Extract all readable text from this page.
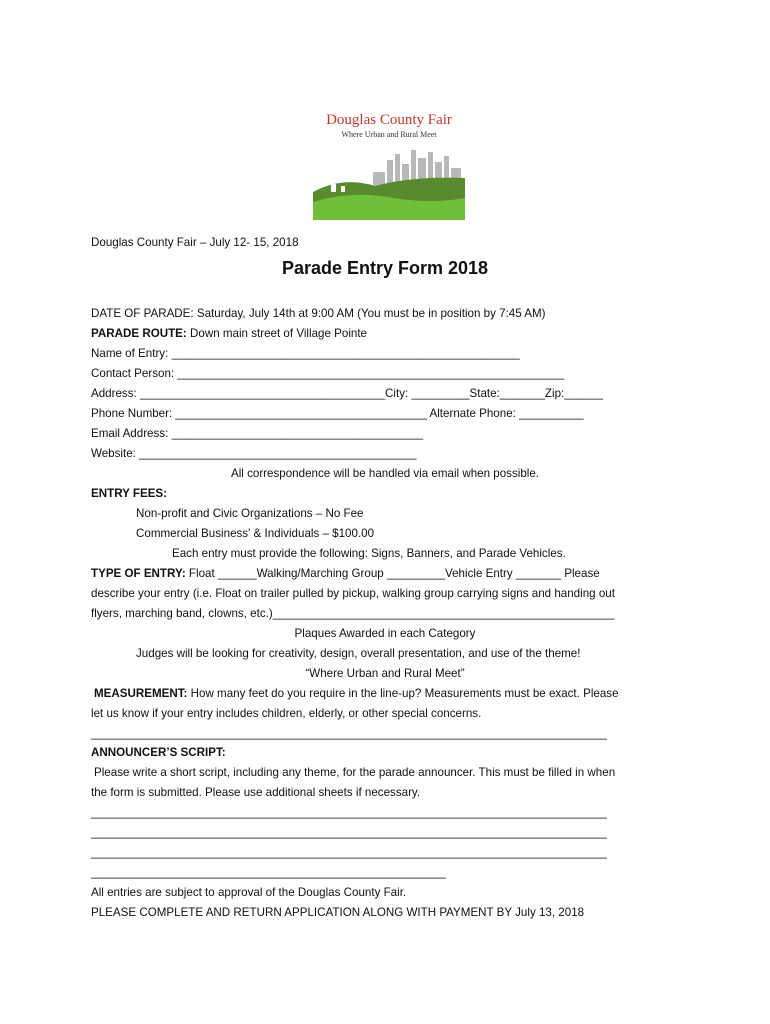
Douglas County Fair
Where Urban and Rural Meet
Douglas County Fair – July 12- 15, 2018
Parade Entry Form 2018
DATE OF PARADE: Saturday, July 14th at 9:00 AM (You must be in position by 7:45 AM)
PARADE ROUTE: Down main street of Village Pointe
Name of Entry: ______________________________________________________
Contact Person: ____________________________________________________________
Address: ______________________________________City: _________State:_______Zip:______
Phone Number: _______________________________________ Alternate Phone: __________
Email Address: _______________________________________
Website: ___________________________________________
All correspondence will be handled via email when possible.
ENTRY FEES:
Non-profit and Civic Organizations – No Fee
Commercial Business' & Individuals – $100.00
Each entry must provide the following: Signs, Banners, and Parade Vehicles.
TYPE OF ENTRY: Float ______Walking/Marching Group _________Vehicle Entry _______ Please
describe your entry (i.e. Float on trailer pulled by pickup, walking group carrying signs and handing out
flyers, marching band, clowns, etc.)_____________________________________________________
Plaques Awarded in each Category
Judges will be looking for creativity, design, overall presentation, and use of the theme!
“Where Urban and Rural Meet”
MEASUREMENT: How many feet do you require in the line-up? Measurements must be exact. Please
let us know if your entry includes children, elderly, or other special concerns.
________________________________________________________________________________
ANNOUNCER’S SCRIPT:
Please write a short script, including any theme, for the parade announcer. This must be filled in when
the form is submitted. Please use additional sheets if necessary.
________________________________________________________________________________
________________________________________________________________________________
________________________________________________________________________________
_______________________________________________________
All entries are subject to approval of the Douglas County Fair.
PLEASE COMPLETE AND RETURN APPLICATION ALONG WITH PAYMENT BY July 13, 2018
